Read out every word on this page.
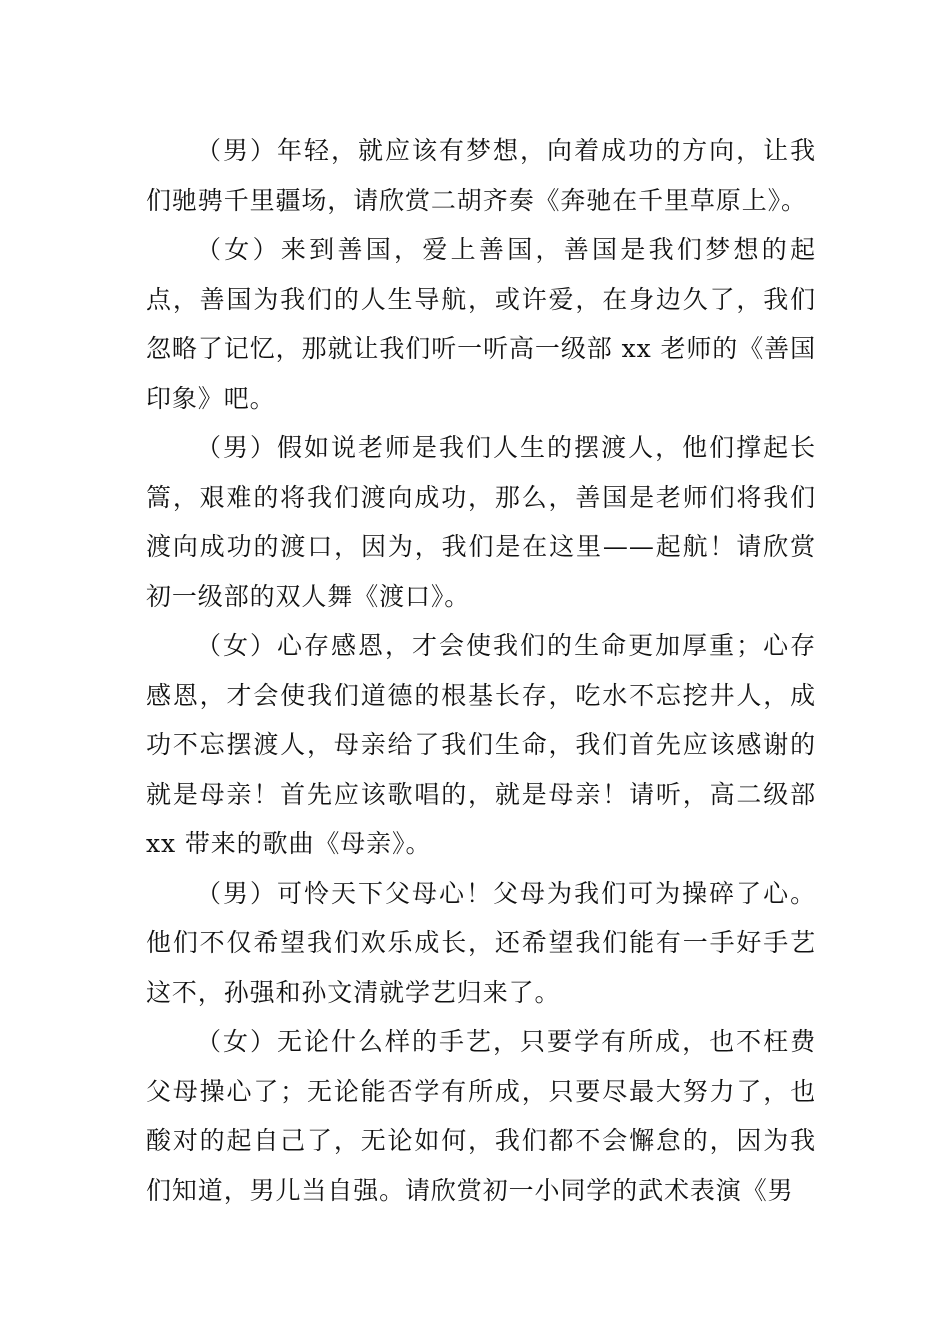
（男）年轻，就应该有梦想，向着成功的方向，让我们驰骋千里疆场，请欣赏二胡齐奏《奔驰在千里草原上》。

（女）来到善国，爱上善国，善国是我们梦想的起点，善国为我们的人生导航，或许爱，在身边久了，我们忽略了记忆，那就让我们听一听高一级部 xx 老师的《善国印象》吧。

（男）假如说老师是我们人生的摆渡人，他们撑起长篙，艰难的将我们渡向成功，那么，善国是老师们将我们渡向成功的渡口，因为，我们是在这里——起航！请欣赏初一级部的双人舞《渡口》。

（女）心存感恩，才会使我们的生命更加厚重；心存感恩，才会使我们道德的根基长存，吃水不忘挖井人，成功不忘摆渡人，母亲给了我们生命，我们首先应该感谢的就是母亲！首先应该歌唱的，就是母亲！请听，高二级部 xx 带来的歌曲《母亲》。

（男）可怜天下父母心！父母为我们可为操碎了心。他们不仅希望我们欢乐成长，还希望我们能有一手好手艺这不，孙强和孙文清就学艺归来了。

（女）无论什么样的手艺，只要学有所成，也不枉费父母操心了；无论能否学有所成，只要尽最大努力了，也酸对的起自己了，无论如何，我们都不会懈怠的，因为我们知道，男儿当自强。请欣赏初一小同学的武术表演《男
